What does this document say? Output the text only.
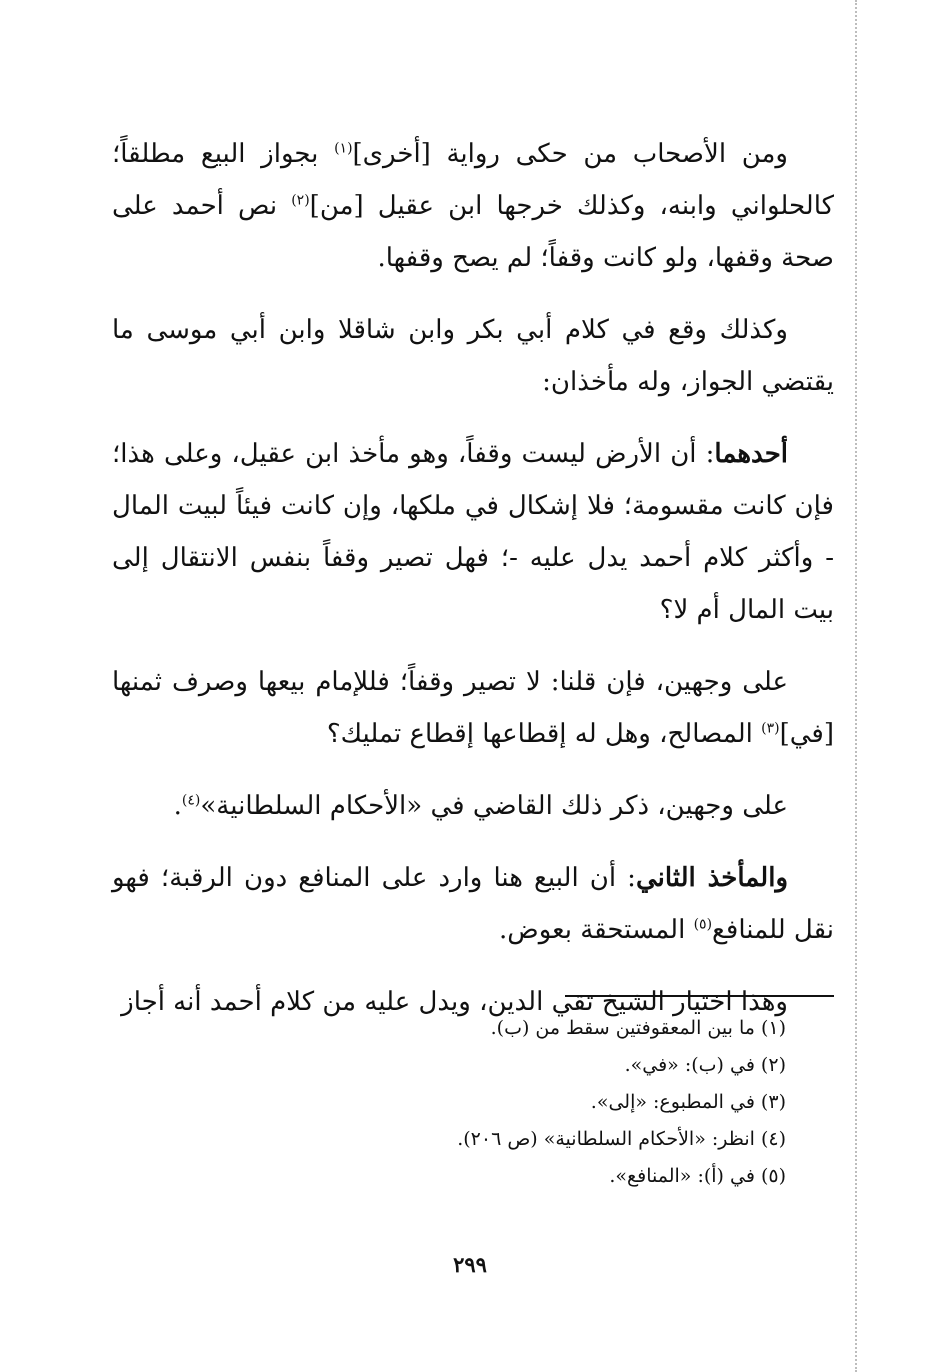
ومن الأصحاب من حكى رواية [أخرى]$^{(١)}$ بجواز البيع مطلقاً؛ كالحلواني وابنه، وكذلك خرجها ابن عقيل [من]$^{(٢)}$ نص أحمد على صحة وقفها، ولو كانت وقفاً؛ لم يصح وقفها.

وكذلك وقع في كلام أبي بكر وابن شاقلا وابن أبي موسى ما يقتضي الجواز، وله مأخذان:

أحدهما: أن الأرض ليست وقفاً، وهو مأخذ ابن عقيل، وعلى هذا؛ فإن كانت مقسومة؛ فلا إشكال في ملكها، وإن كانت فيئاً لبيت المال - وأكثر كلام أحمد يدل عليه -؛ فهل تصير وقفاً بنفس الانتقال إلى بيت المال أم لا؟

على وجهين، فإن قلنا: لا تصير وقفاً؛ فللإمام بيعها وصرف ثمنها [في]$^{(٣)}$ المصالح، وهل له إقطاعها إقطاع تمليك؟

على وجهين، ذكر ذلك القاضي في «الأحكام السلطانية»$^{(٤)}$.

والمأخذ الثاني: أن البيع هنا وارد على المنافع دون الرقبة؛ فهو نقل للمنافع$^{(٥)}$ المستحقة بعوض.

وهذا اختيار الشيخ تقي الدين، ويدل عليه من كلام أحمد أنه أجاز

(١) ما بين المعقوفتين سقط من (ب).
(٢) في (ب): «في».
(٣) في المطبوع: «إلى».
(٤) انظر: «الأحكام السلطانية» (ص ٢٠٦).
(٥) في (أ): «المنافع».
٢٩٩
